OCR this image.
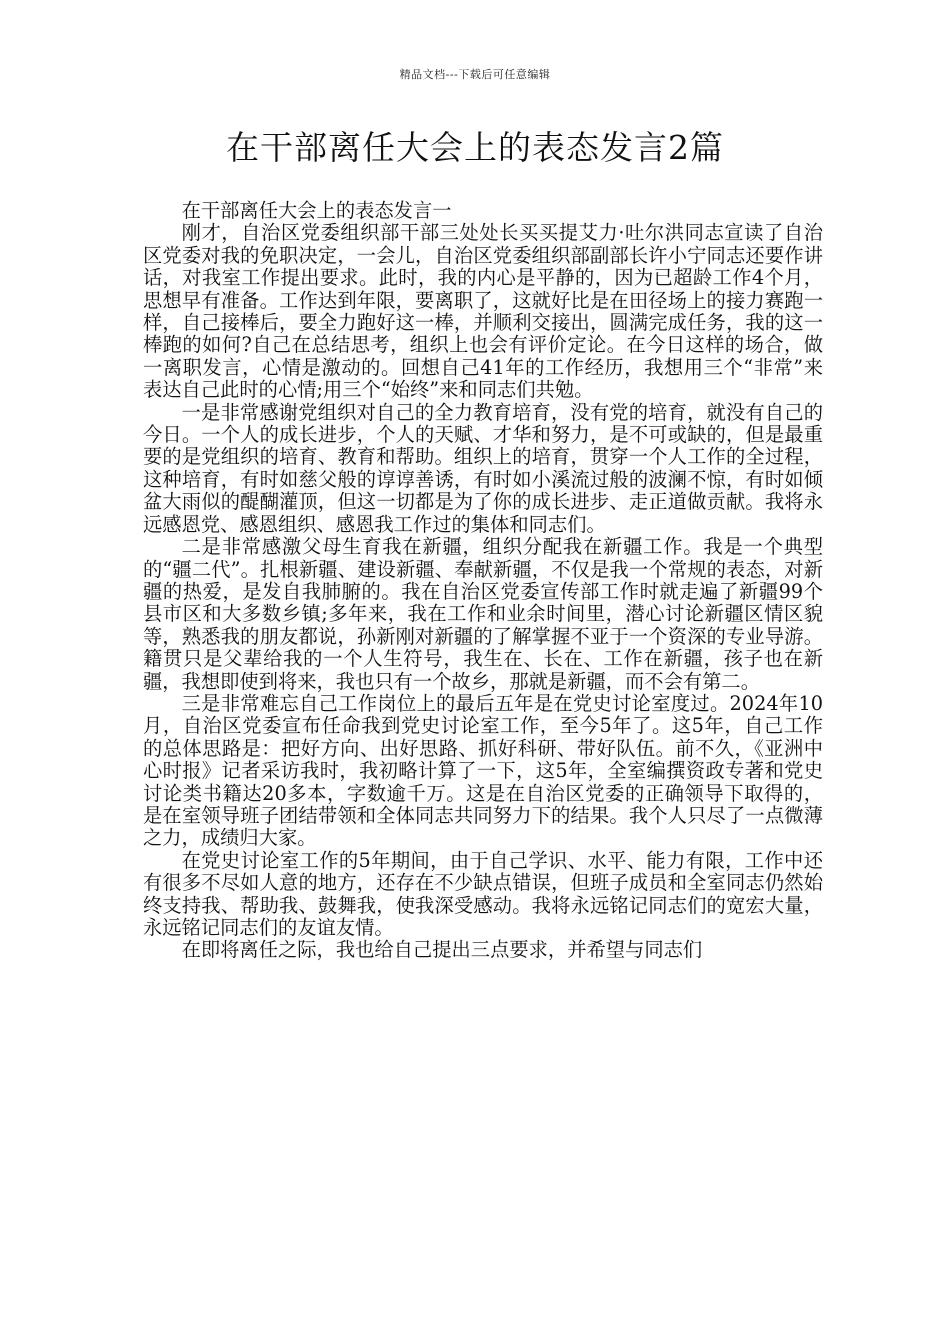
精品文档---下载后可任意编辑
在干部离任大会上的表态发言2篇

在干部离任大会上的表态发言一

刚才，自治区党委组织部干部三处处长买买提艾力·吐尔洪同志宣读了自治区党委对我的免职决定，一会儿，自治区党委组织部副部长许小宁同志还要作讲话，对我室工作提出要求。此时，我的内心是平静的，因为已超龄工作4个月，思想早有准备。工作达到年限，要离职了，这就好比是在田径场上的接力赛跑一样，自己接棒后，要全力跑好这一棒，并顺利交接出，圆满完成任务，我的这一棒跑的如何?自己在总结思考，组织上也会有评价定论。在今日这样的场合，做一离职发言，心情是激动的。回想自己41年的工作经历，我想用三个“非常”来表达自己此时的心情;用三个“始终”来和同志们共勉。

一是非常感谢党组织对自己的全力教育培育，没有党的培育，就没有自己的今日。一个人的成长进步，个人的天赋、才华和努力，是不可或缺的，但是最重要的是党组织的培育、教育和帮助。组织上的培育，贯穿一个人工作的全过程，这种培育，有时如慈父般的谆谆善诱，有时如小溪流过般的波澜不惊，有时如倾盆大雨似的醍醐灌顶，但这一切都是为了你的成长进步、走正道做贡献。我将永远感恩党、感恩组织、感恩我工作过的集体和同志们。

二是非常感激父母生育我在新疆，组织分配我在新疆工作。我是一个典型的“疆二代”。扎根新疆、建设新疆、奉献新疆，不仅是我一个常规的表态，对新疆的热爱，是发自我肺腑的。我在自治区党委宣传部工作时就走遍了新疆99个县市区和大多数乡镇;多年来，我在工作和业余时间里，潜心讨论新疆区情区貌等，熟悉我的朋友都说，孙新刚对新疆的了解掌握不亚于一个资深的专业导游。籍贯只是父辈给我的一个人生符号，我生在、长在、工作在新疆，孩子也在新疆，我想即使到将来，我也只有一个故乡，那就是新疆，而不会有第二。

三是非常难忘自己工作岗位上的最后五年是在党史讨论室度过。2024年10月，自治区党委宣布任命我到党史讨论室工作，至今5年了。这5年，自己工作的总体思路是：把好方向、出好思路、抓好科研、带好队伍。前不久，《亚洲中心时报》记者采访我时，我初略计算了一下，这5年，全室编撰资政专著和党史讨论类书籍达20多本，字数逾千万。这是在自治区党委的正确领导下取得的，是在室领导班子团结带领和全体同志共同努力下的结果。我个人只尽了一点微薄之力，成绩归大家。

在党史讨论室工作的5年期间，由于自己学识、水平、能力有限，工作中还有很多不尽如人意的地方，还存在不少缺点错误，但班子成员和全室同志仍然始终支持我、帮助我、鼓舞我，使我深受感动。我将永远铭记同志们的宽宏大量，永远铭记同志们的友谊友情。

在即将离任之际，我也给自己提出三点要求，并希望与同志们
